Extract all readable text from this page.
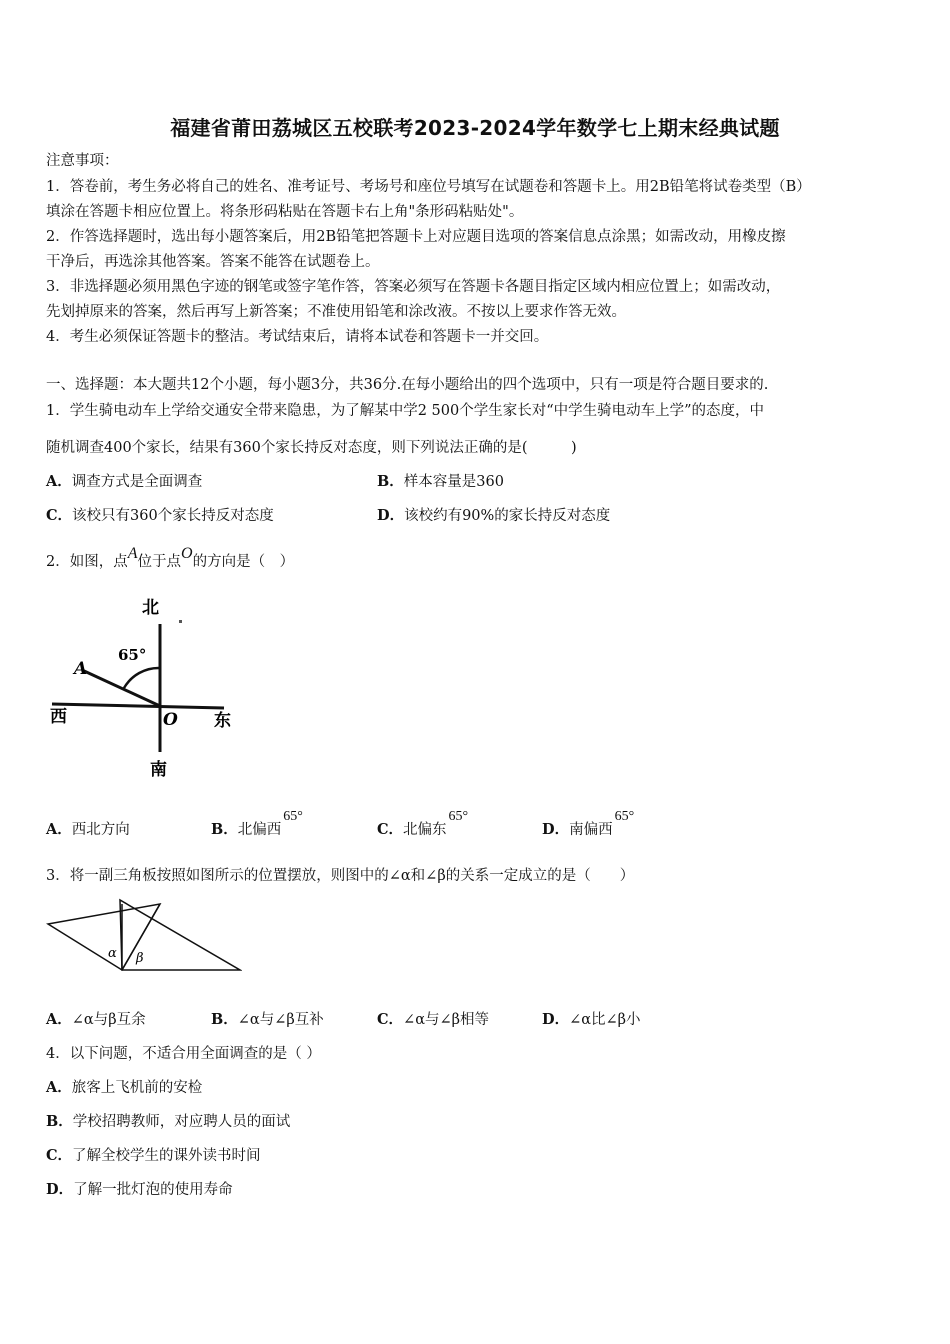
福建省莆田荔城区五校联考2023-2024学年数学七上期末经典试题
注意事项：
1．答卷前，考生务必将自己的姓名、准考证号、考场号和座位号填写在试题卷和答题卡上。用2B铅笔将试卷类型（B）
填涂在答题卡相应位置上。将条形码粘贴在答题卡右上角"条形码粘贴处"。
2．作答选择题时，选出每小题答案后，用2B铅笔把答题卡上对应题目选项的答案信息点涂黑；如需改动，用橡皮擦
干净后，再选涂其他答案。答案不能答在试题卷上。
3．非选择题必须用黑色字迹的钢笔或签字笔作答，答案必须写在答题卡各题目指定区域内相应位置上；如需改动，
先划掉原来的答案，然后再写上新答案；不准使用铅笔和涂改液。不按以上要求作答无效。
4．考生必须保证答题卡的整洁。考试结束后，请将本试卷和答题卡一并交回。
一、选择题：本大题共12个小题，每小题3分，共36分.在每小题给出的四个选项中，只有一项是符合题目要求的.
1．学生骑电动车上学给交通安全带来隐患，为了解某中学2 500个学生家长对“中学生骑电动车上学”的态度，中
随机调查400个家长，结果有360个家长持反对态度，则下列说法正确的是(　　　)
A．调查方式是全面调查	B．样本容量是360
C．该校只有360个家长持反对态度	D．该校约有90%的家长持反对态度
2．如图，点A位于点O的方向是（　）
北
南
西	东
65°
A
O
A．西北方向	B．北偏西65°
C．北偏东65°
D．南偏西65°
3．将一副三角板按照如图所示的位置摆放，则图中的∠α和∠β的关系一定成立的是（　　）
α β
A．∠α与β互余	B．∠α与∠β互补	C．∠α与∠β相等	D．∠α比∠β小
4．以下问题，不适合用全面调查的是（ ）
A．旅客上飞机前的安检
B．学校招聘教师，对应聘人员的面试
C．了解全校学生的课外读书时间
D．了解一批灯泡的使用寿命
